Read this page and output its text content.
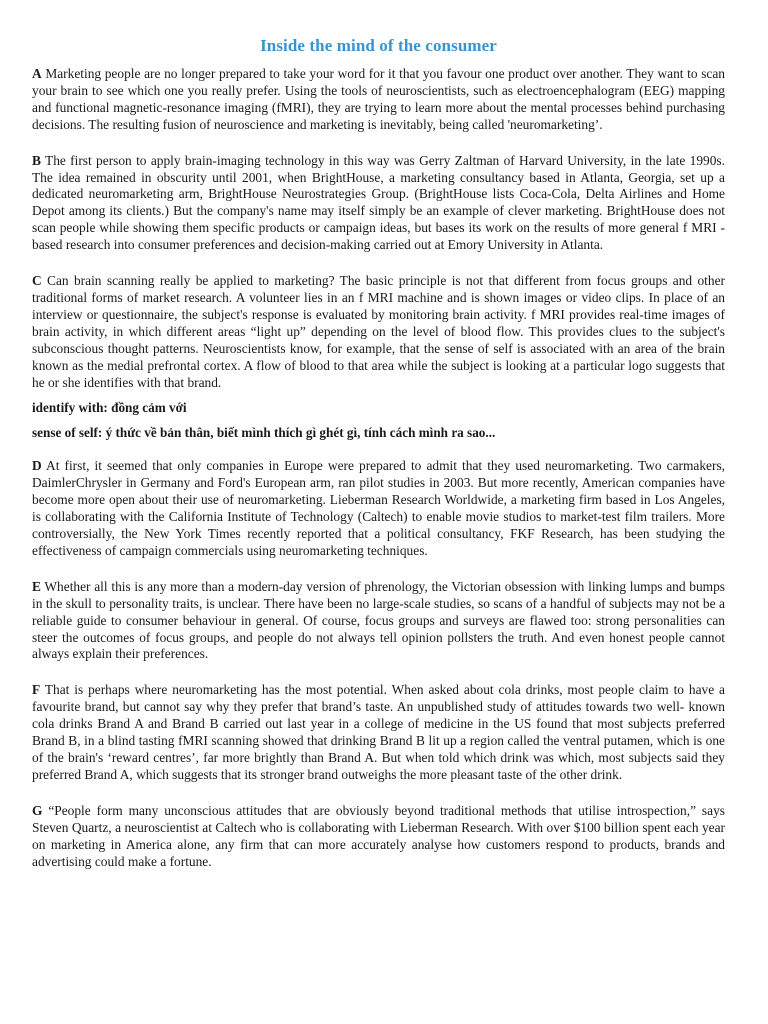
Inside the mind of the consumer

A Marketing people are no longer prepared to take your word for it that you favour one product over another. They want to scan your brain to see which one you really prefer. Using the tools of neuroscientists, such as electroencephalogram (EEG) mapping and functional magnetic-resonance imaging (fMRI), they are trying to learn more about the mental processes behind purchasing decisions. The resulting fusion of neuroscience and marketing is inevitably, being called 'neuromarketing’.

B The first person to apply brain-imaging technology in this way was Gerry Zaltman of Harvard University, in the late 1990s. The idea remained in obscurity until 2001, when BrightHouse, a marketing consultancy based in Atlanta, Georgia, set up a dedicated neuromarketing arm, BrightHouse Neurostrategies Group. (BrightHouse lists Coca-Cola, Delta Airlines and Home Depot among its clients.) But the company's name may itself simply be an example of clever marketing. BrightHouse does not scan people while showing them specific products or campaign ideas, but bases its work on the results of more general f MRI -based research into consumer preferences and decision-making carried out at Emory University in Atlanta.

C Can brain scanning really be applied to marketing? The basic principle is not that different from focus groups and other traditional forms of market research. A volunteer lies in an f MRI machine and is shown images or video clips. In place of an interview or questionnaire, the subject's response is evaluated by monitoring brain activity. f MRI provides real-time images of brain activity, in which different areas “light up” depending on the level of blood flow. This provides clues to the subject's subconscious thought patterns. Neuroscientists know, for example, that the sense of self is associated with an area of the brain known as the medial prefrontal cortex. A flow of blood to that area while the subject is looking at a particular logo suggests that he or she identifies with that brand.

identify with: đồng cảm với

sense of self: ý thức về bản thân, biết mình thích gì ghét gì, tính cách mình ra sao...

D At first, it seemed that only companies in Europe were prepared to admit that they used neuromarketing. Two carmakers, DaimlerChrysler in Germany and Ford's European arm, ran pilot studies in 2003. But more recently, American companies have become more open about their use of neuromarketing. Lieberman Research Worldwide, a marketing firm based in Los Angeles, is collaborating with the California Institute of Technology (Caltech) to enable movie studios to market-test film trailers. More controversially, the New York Times recently reported that a political consultancy, FKF Research, has been studying the effectiveness of campaign commercials using neuromarketing techniques.

E Whether all this is any more than a modern-day version of phrenology, the Victorian obsession with linking lumps and bumps in the skull to personality traits, is unclear. There have been no large-scale studies, so scans of a handful of subjects may not be a reliable guide to consumer behaviour in general. Of course, focus groups and surveys are flawed too: strong personalities can steer the outcomes of focus groups, and people do not always tell opinion pollsters the truth. And even honest people cannot always explain their preferences.

F That is perhaps where neuromarketing has the most potential. When asked about cola drinks, most people claim to have a favourite brand, but cannot say why they prefer that brand’s taste. An unpublished study of attitudes towards two well- known cola drinks Brand A and Brand B carried out last year in a college of medicine in the US found that most subjects preferred Brand B, in a blind tasting fMRI scanning showed that drinking Brand B lit up a region called the ventral putamen, which is one of the brain's ‘reward centres’, far more brightly than Brand A. But when told which drink was which, most subjects said they preferred Brand A, which suggests that its stronger brand outweighs the more pleasant taste of the other drink.

G “People form many unconscious attitudes that are obviously beyond traditional methods that utilise introspection,” says Steven Quartz, a neuroscientist at Caltech who is collaborating with Lieberman Research. With over $100 billion spent each year on marketing in America alone, any firm that can more accurately analyse how customers respond to products, brands and advertising could make a fortune.
